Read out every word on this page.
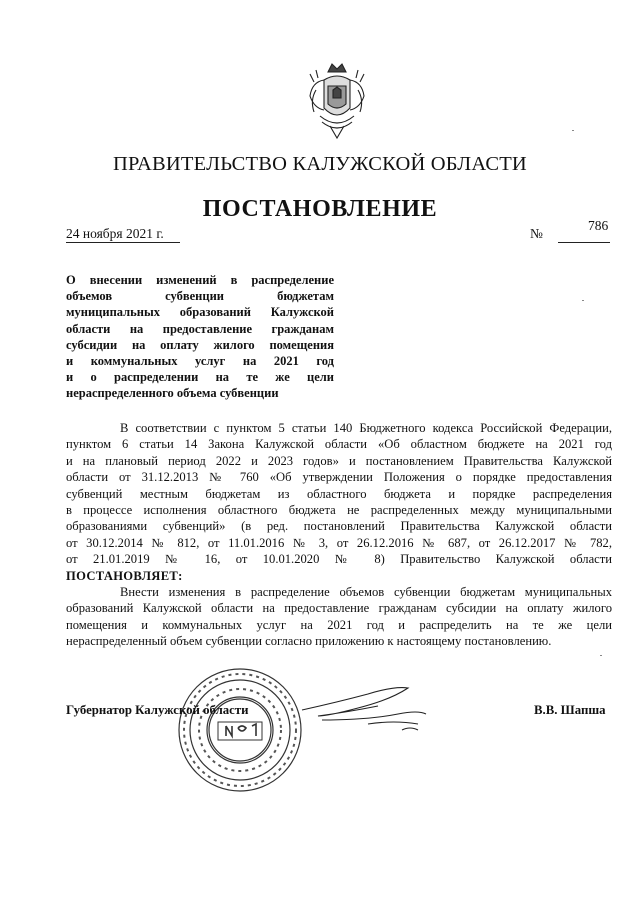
ПРАВИТЕЛЬСТВО КАЛУЖСКОЙ ОБЛАСТИ
ПОСТАНОВЛЕНИЕ
24 ноября 2021 г.	№
786
О внесении изменений в распределение
объемов субвенции бюджетам
муниципальных образований Калужской
области на предоставление гражданам
субсидии на оплату жилого помещения
и коммунальных услуг на 2021 год
и о распределении на те же цели
нераспределенного объема субвенции
В соответствии с пунктом 5 статьи 140 Бюджетного кодекса Российской Федерации,
пунктом 6 статьи 14 Закона Калужской области «Об областном бюджете на 2021 год
и на плановый период 2022 и 2023 годов» и постановлением Правительства Калужской
области от 31.12.2013 № 760 «Об утверждении Положения о порядке предоставления
субвенций местным бюджетам из областного бюджета и порядке распределения
в процессе исполнения областного бюджета не распределенных между муниципальными
образованиями субвенций» (в ред. постановлений Правительства Калужской области
от 30.12.2014 № 812, от 11.01.2016 № 3, от 26.12.2016 № 687, от 26.12.2017 № 782,
от 21.01.2019 № 16, от 10.01.2020 № 8) Правительство Калужской области
ПОСТАНОВЛЯЕТ:
Внести изменения в распределение объемов субвенции бюджетам муниципальных
образований Калужской области на предоставление гражданам субсидии на оплату жилого
помещения и коммунальных услуг на 2021 год и распределить на те же цели
нераспределенный объем субвенции согласно приложению к настоящему постановлению.
Губернатор Калужской области	В.В. Шапша
